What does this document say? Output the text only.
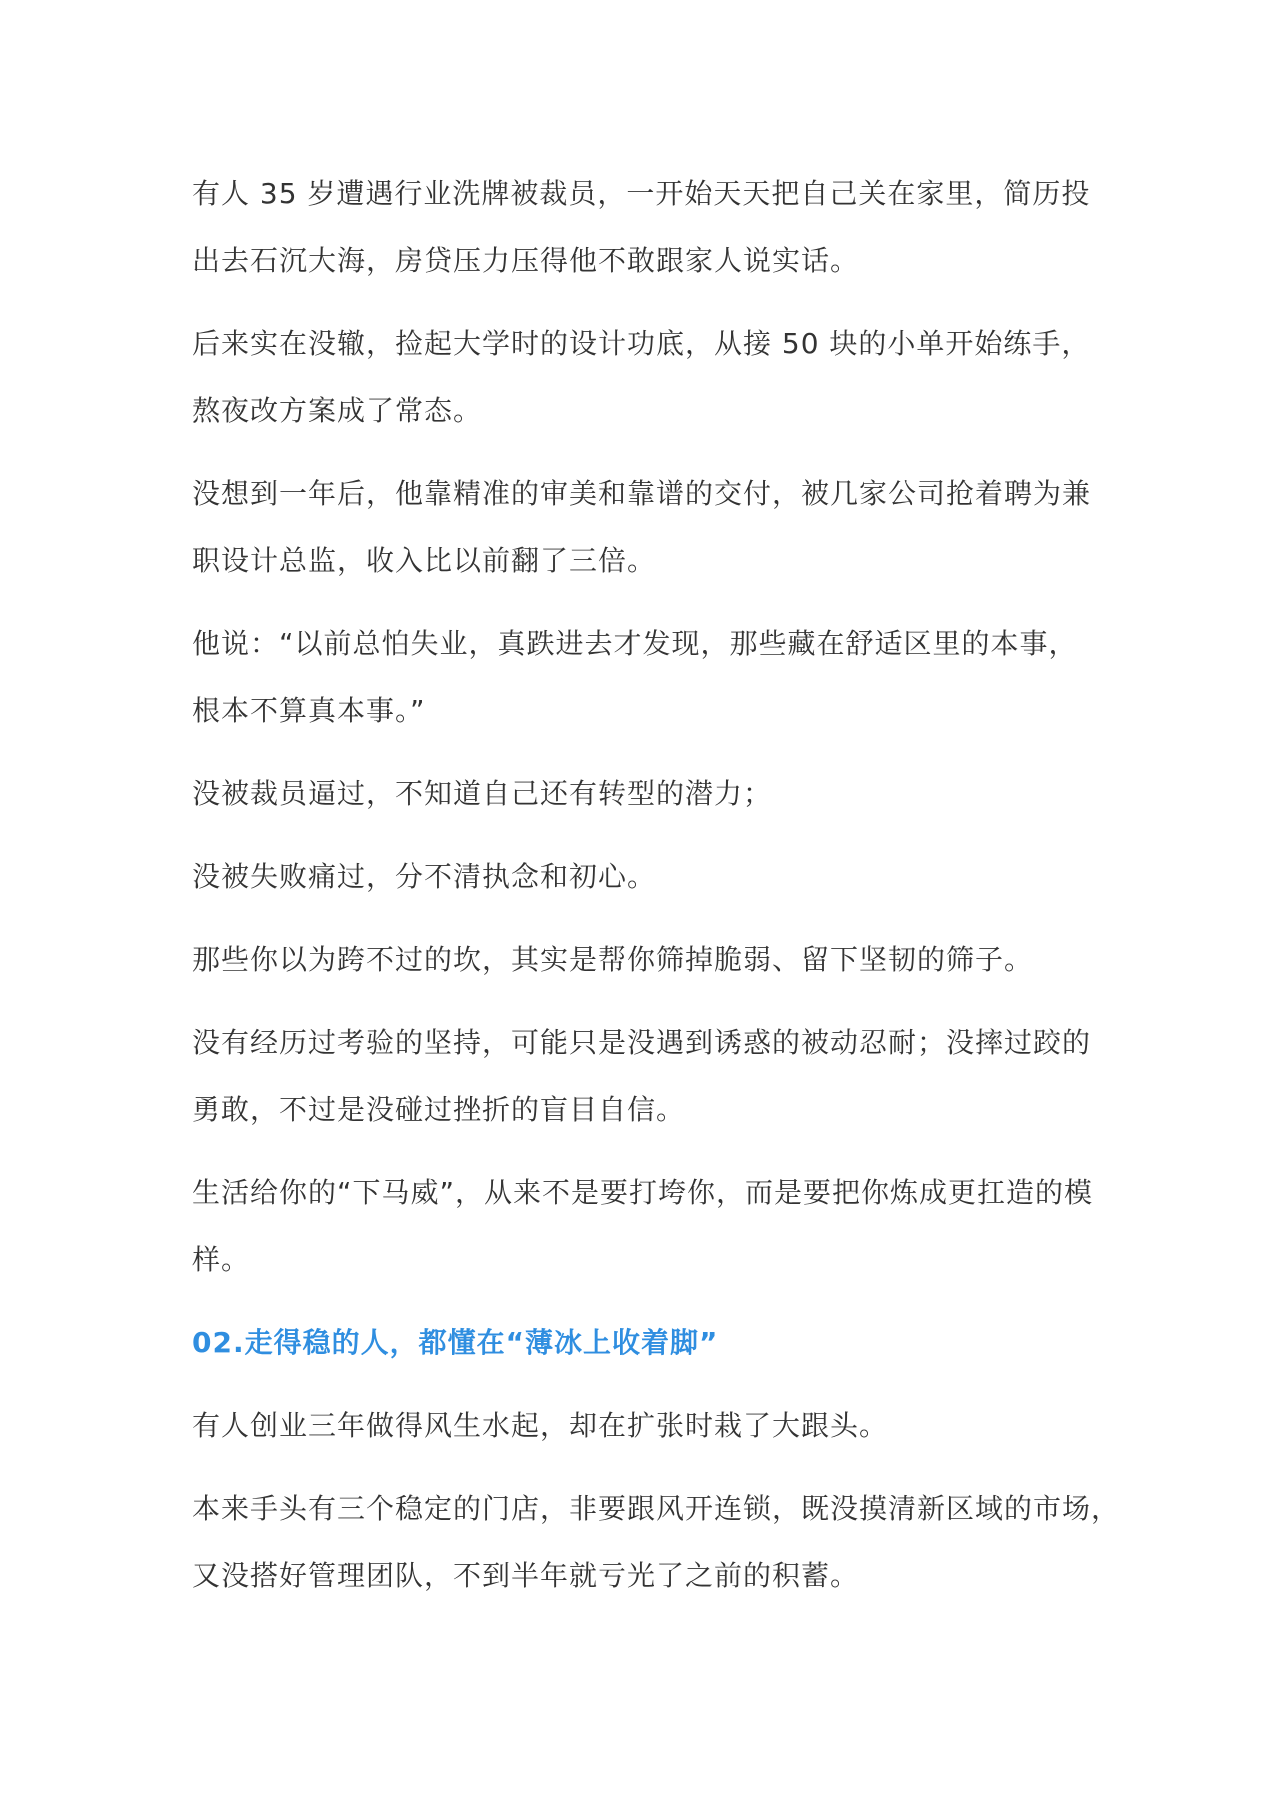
有人 35 岁遭遇行业洗牌被裁员，一开始天天把自己关在家里，简历投
出去石沉大海，房贷压力压得他不敢跟家人说实话。

后来实在没辙，捡起大学时的设计功底，从接 50 块的小单开始练手，
熬夜改方案成了常态。

没想到一年后，他靠精准的审美和靠谱的交付，被几家公司抢着聘为兼
职设计总监，收入比以前翻了三倍。

他说：“以前总怕失业，真跌进去才发现，那些藏在舒适区里的本事，
根本不算真本事。”

没被裁员逼过，不知道自己还有转型的潜力；

没被失败痛过，分不清执念和初心。

那些你以为跨不过的坎，其实是帮你筛掉脆弱、留下坚韧的筛子。

没有经历过考验的坚持，可能只是没遇到诱惑的被动忍耐；没摔过跤的
勇敢，不过是没碰过挫折的盲目自信。

生活给你的“下马威”，从来不是要打垮你，而是要把你炼成更扛造的模
样。

02.走得稳的人，都懂在“薄冰上收着脚”

有人创业三年做得风生水起，却在扩张时栽了大跟头。

本来手头有三个稳定的门店，非要跟风开连锁，既没摸清新区域的市场，
又没搭好管理团队，不到半年就亏光了之前的积蓄。
